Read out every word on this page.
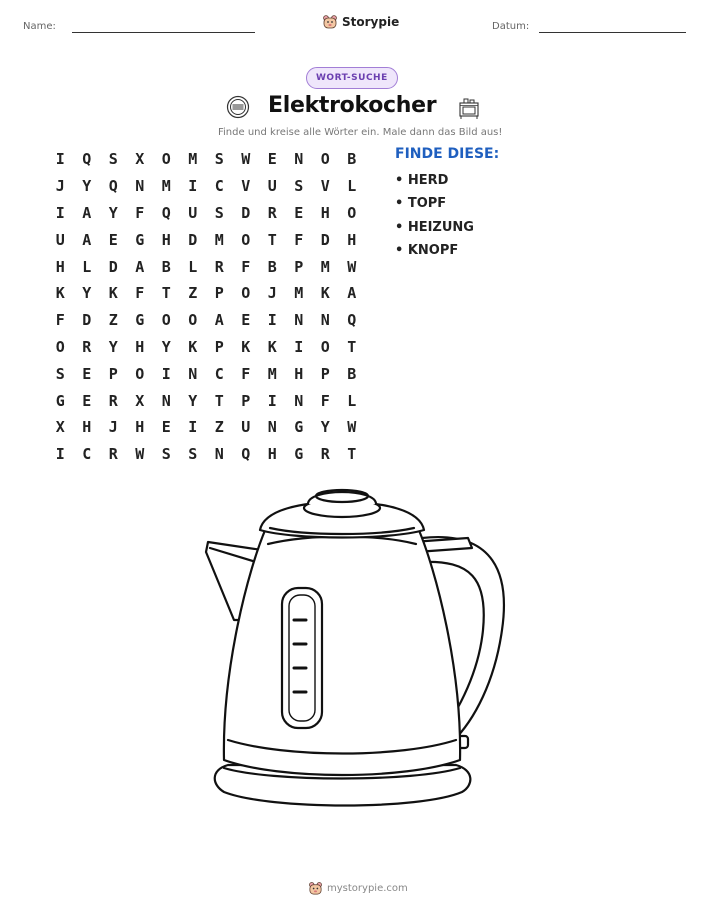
Name:	Storypie	Datum:
WORT-SUCHE
Elektrokocher
Finde und kreise alle Wörter ein. Male dann das Bild aus!
I	Q	S	X	O	M	S	W	E	N	O	B
J	Y	Q	N	M	I	C	V	U	S	V	L
I	A	Y	F	Q	U	S	D	R	E	H	O
U	A	E	G	H	D	M	O	T	F	D	H
H	L	D	A	B	L	R	F	B	P	M	W
K	Y	K	F	T	Z	P	O	J	M	K	A
F	D	Z	G	O	O	A	E	I	N	N	Q
O	R	Y	H	Y	K	P	K	K	I	O	T
S	E	P	O	I	N	C	F	M	H	P	B
G	E	R	X	N	Y	T	P	I	N	F	L
X	H	J	H	E	I	Z	U	N	G	Y	W
I	C	R	W	S	S	N	Q	H	G	R	T
FINDE DIESE:
• HERD
• TOPF
• HEIZUNG
• KNOPF
mystorypie.com
